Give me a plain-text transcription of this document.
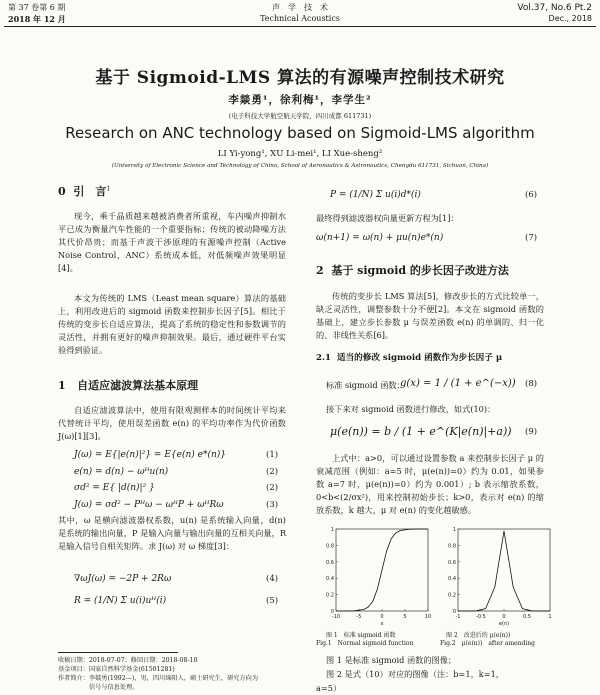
第 37 卷第 6 期
2018 年 12 月
声　学　技　术
Technical Acoustics
Vol.37, No.6 Pt.2
Dec., 2018
基于 Sigmoid-LMS 算法的有源噪声控制技术研究
李燚勇¹，徐利梅¹，李学生²
(电子科技大学航空航天学院，四川成都 611731)
Research on ANC technology based on Sigmoid-LMS algorithm
LI Yi-yong¹, XU Li-mei¹, LI Xue-sheng²
(University of Electronic Science and Technology of China, School of Aeronautics & Astronautics, Chengdu 611731, Sichuan, China)
0 引　言$^1$
现今，乘千晶质越来越被消费者所重视，车内噪声抑制水平已成为衡量汽车性能的一个重要指标；传统的被动降噪方法其代价昂贵；而基于声波干涉原理的有源噪声控制（Active Noise Control，ANC）系统成本低，对低频噪声效果明显[4]。
本文为传统的 LMS（Least mean square）算法的基础上，利用改进后的 sigmoid 函数来控制步长因子[5]。相比于传统的变步长自适应算法，提高了系统的稳定性和参数调节的灵活性，并拥有更好的噪声抑制效果。最后，通过硬件平台实验得到验证。
1 自适应滤波算法基本原理
自适应滤波算法中，使用有限观测样本的时间统计平均来代替统计平均，使用误差函数 e(n) 的平均功率作为代价函数 J(ω)[1][3]。
J(ω) = E{|e(n)|²} = E{e(n) e*(n)}	(1)
e(n) = d(n) − ωᴴu(n)	(2)
σd² = E{ |d(n)|² }	(2)
J(ω) = σd² − Pᴴω − ωᴴP + ωᴴRω	(3)
其中，ω 是横向滤波器权系数，u(n) 是系统输入向量，d(n) 是系统的输出向量，P 是输入向量与输出向量的互相关向量，R 是输入信号自相关矩阵。求 J(ω) 对 ω 梯度[3]：
∇ωJ(ω) = −2P + 2Rω	(4)
R = (1/N) Σ u(i)uᴴ(i)	(5)
收稿日期：2018-07-07；修回日期：2018-08-10
基金项目：国家自然科学基金(61501281)
作者简介：李燚勇(1992—)，男，四川绵阳人，硕士研究生，研究方向为
　　　　　信号与信息处理。
P = (1/N) Σ u(i)d*(i)	(6)
最终得到滤波器权向量更新方程为[1]：
ω(n+1) = ω(n) + μu(n)e*(n)	(7)
2 基于 sigmoid 的步长因子改进方法
传统的变步长 LMS 算法[5]，修改步长的方式比较单一，缺乏灵活性，调整参数十分不便[2]。本文在 sigmoid 函数的基础上，建立步长参数 μ 与误差函数 e(n) 的单调的、归一化的、非线性关系[6]。
2.1 适当的修改 sigmoid 函数作为步长因子 μ
标准 sigmoid 函数：
g(x) = 1 / (1 + e^(−x)) (8)
接下来对 sigmoid 函数进行修改，如式(10)：
μ(e(n)) = b / (1 + e^(K|e(n)|+a)) (9)
上式中：a>0，可以通过设置参数 a 来控制步长因子 μ 的衰减范围（例如：a=5 时，μ(e(n))=0）约为 0.01，如果参数 a=7 时，μ(e(n))=0）约为 0.001）; b 表示缩放系数，0<b<(2/σx²)，用来控制初始步长；k>0，表示对 e(n) 的缩放系数，k 越大，μ 对 e(n) 的变化越敏感。
0
0.2
0.4
0.6
0.8
1
-10	-5	0	5	10
x
0
0.2
0.4
0.6
0.8
1
-1	-0.5	0	0.5	1
e(n)
图 1　标准 sigmoid 函数
Fig.1　Normal sigmoid function
图 2　改进后的 μ(e(n))
Fig.2　μ(e(n))　after amending
图 1 是标准 sigmoid 函数的图像；
图 2 是式（10）对应的图像（注：b=1，k=1，
a=5）
